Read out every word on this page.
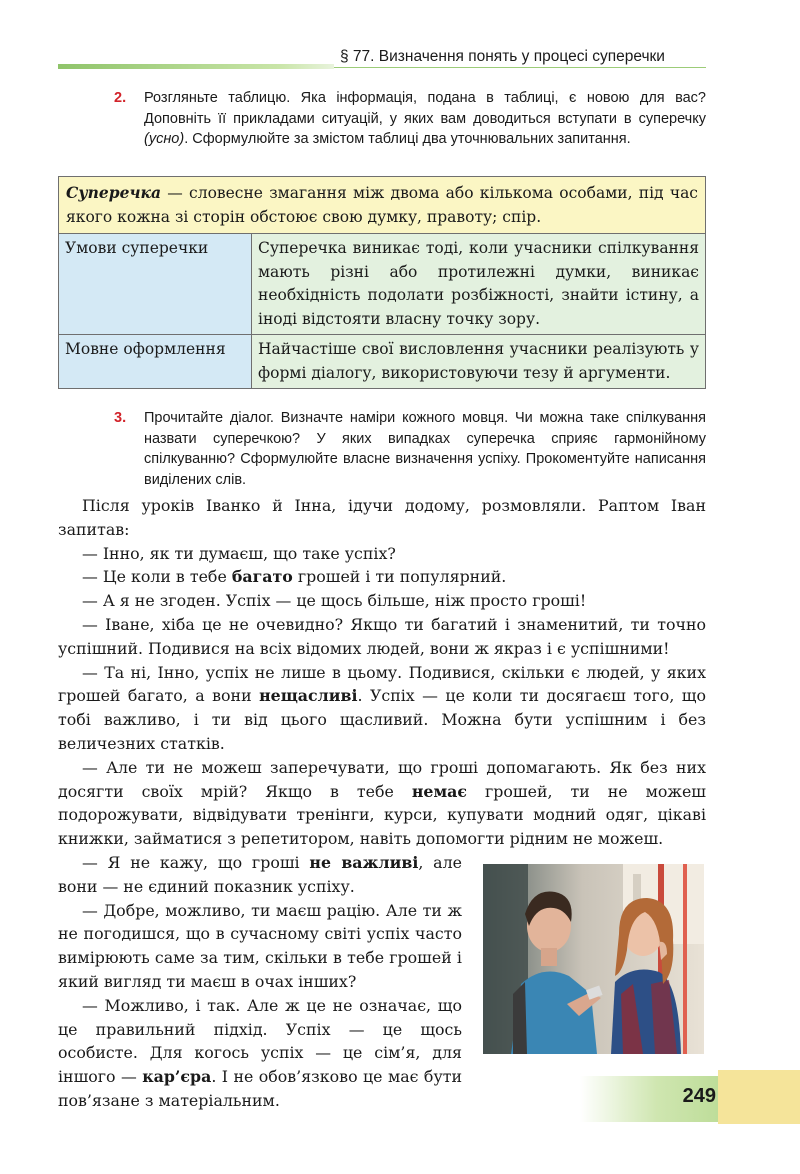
§ 77. Визначення понять у процесі суперечки
2. Розгляньте таблицю. Яка інформація, подана в таблиці, є новою для вас? Доповніть її прикладами ситуацій, у яких вам доводиться вступати в суперечку (усно). Сформулюйте за змістом таблиці два уточнювальних запитання.
Суперечка — словесне змагання між двома або кількома особами, під час якого кожна зі сторін обстоює свою думку, правоту; спір.	
Умови суперечки	Суперечка виникає тоді, коли учасники спілкування мають різні або протилежні думки, виникає необхідність подолати розбіжності, знайти істину, а іноді відстояти власну точку зору.
Мовне оформлення	Найчастіше свої висловлення учасники реалізують у формі діалогу, використовуючи тезу й аргументи.
3. Прочитайте діалог. Визначте наміри кожного мовця. Чи можна таке спілкування назвати суперечкою? У яких випадках суперечка сприяє гармонійному спілкуванню? Сформулюйте власне визначення успіху. Прокоментуйте написання виділених слів.

Після уроків Іванко й Інна, ідучи додому, розмовляли. Раптом Іван запитав:

— Інно, як ти думаєш, що таке успіх?

— Це коли в тебе багато грошей і ти популярний.

— А я не згоден. Успіх — це щось більше, ніж просто гроші!

— Іване, хіба це не очевидно? Якщо ти багатий і знаменитий, ти точно успішний. Подивися на всіх відомих людей, вони ж якраз і є успішними!

— Та ні, Інно, успіх не лише в цьому. Подивися, скільки є людей, у яких грошей багато, а вони нещасливі. Успіх — це коли ти досягаєш того, що тобі важливо, і ти від цього щасливий. Можна бути успішним і без величезних статків.

— Але ти не можеш заперечувати, що гроші допомагають. Як без них досягти своїх мрій? Якщо в тебе немає грошей, ти не можеш подорожувати, відвідувати тренінги, курси, купувати модний одяг, цікаві книжки, займатися з репетитором, навіть допомогти рідним не можеш.

— Я не кажу, що гроші не важливі, але вони — не єдиний показник успіху.

— Добре, можливо, ти маєш рацію. Але ти ж не погодишся, що в сучасному світі успіх часто вимірюють саме за тим, скільки в тебе грошей і який вигляд ти маєш в очах інших?

— Можливо, і так. Але ж це не означає, що це правильний підхід. Успіх — це щось особисте. Для когось успіх — це сім’я, для іншого — кар’єра. І не обов’язково це має бути пов’язане з матеріальним.	249
